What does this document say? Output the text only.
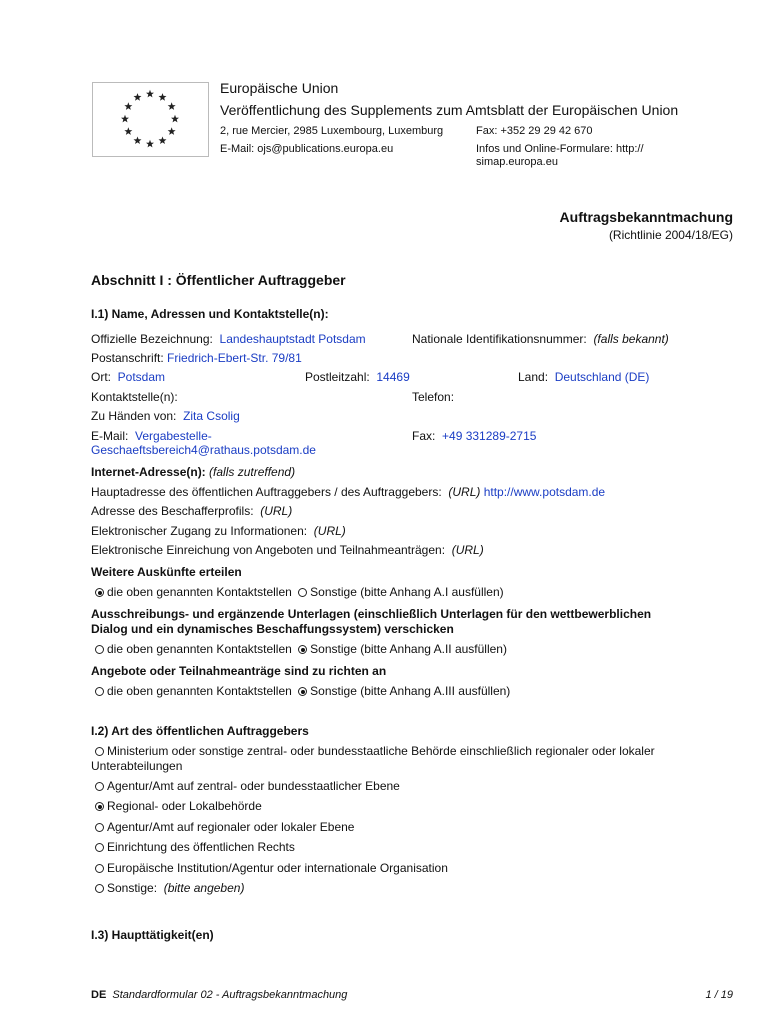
Europäische Union
Veröffentlichung des Supplements zum Amtsblatt der Europäischen Union
2, rue Mercier, 2985 Luxembourg, Luxemburg	Fax: +352 29 29 42 670
E-Mail: ojs@publications.europa.eu	Infos und Online-Formulare: http://
simap.europa.eu
Auftragsbekanntmachung
(Richtlinie 2004/18/EG)
Abschnitt I : Öffentlicher Auftraggeber
I.1) Name, Adressen und Kontaktstelle(n):
Offizielle Bezeichnung: Landeshauptstadt Potsdam	Nationale Identifikationsnummer: (falls bekannt)
Postanschrift: Friedrich-Ebert-Str. 79/81
Ort: Potsdam	Postleitzahl: 14469	Land: Deutschland (DE)
Kontaktstelle(n):	Telefon:
Zu Händen von: Zita Csolig
E-Mail: Vergabestelle-
Geschaeftsbereich4@rathaus.potsdam.de
Fax: +49 331289-2715
Internet-Adresse(n): (falls zutreffend)
Hauptadresse des öffentlichen Auftraggebers / des Auftraggebers: (URL) http://www.potsdam.de
Adresse des Beschafferprofils: (URL)
Elektronischer Zugang zu Informationen: (URL)
Elektronische Einreichung von Angeboten und Teilnahmeanträgen: (URL)
Weitere Auskünfte erteilen
die oben genannten Kontaktstellen Sonstige (bitte Anhang A.I ausfüllen)
Ausschreibungs- und ergänzende Unterlagen (einschließlich Unterlagen für den wettbewerblichen
Dialog und ein dynamisches Beschaffungssystem) verschicken
die oben genannten Kontaktstellen Sonstige (bitte Anhang A.II ausfüllen)
Angebote oder Teilnahmeanträge sind zu richten an
die oben genannten Kontaktstellen Sonstige (bitte Anhang A.III ausfüllen)
I.2) Art des öffentlichen Auftraggebers
Ministerium oder sonstige zentral- oder bundesstaatliche Behörde einschließlich regionaler oder lokaler
Unterabteilungen
Agentur/Amt auf zentral- oder bundesstaatlicher Ebene
Regional- oder Lokalbehörde
Agentur/Amt auf regionaler oder lokaler Ebene
Einrichtung des öffentlichen Rechts
Europäische Institution/Agentur oder internationale Organisation
Sonstige: (bitte angeben)
I.3) Haupttätigkeit(en)
DE Standardformular 02 - Auftragsbekanntmachung	1 / 19
